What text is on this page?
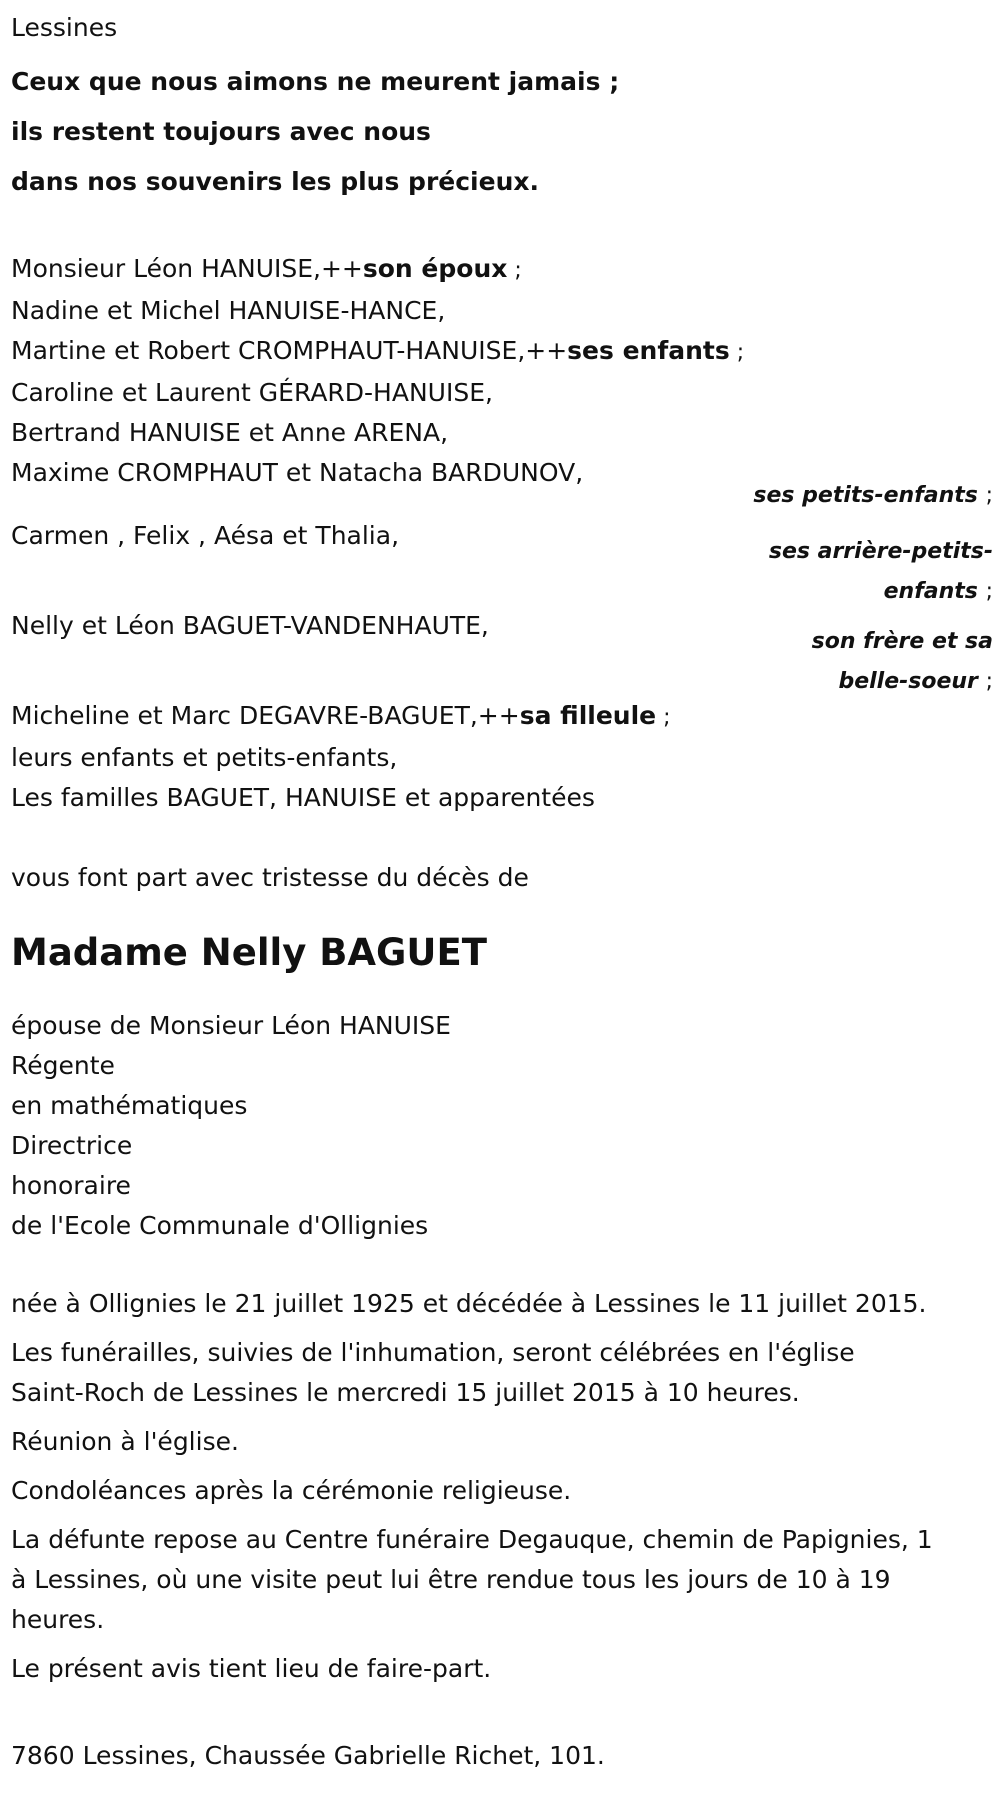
Lessines
Ceux que nous aimons ne meurent jamais ;
ils restent toujours avec nous
dans nos souvenirs les plus précieux.
Monsieur Léon HANUISE,++son époux ;
Nadine et Michel HANUISE-HANCE,
Martine et Robert CROMPHAUT-HANUISE,++ses enfants ;
Caroline et Laurent GÉRARD-HANUISE,
Bertrand HANUISE et Anne ARENA,
Maxime CROMPHAUT et Natacha BARDUNOV,
ses petits-enfants ;
Carmen , Felix , Aésa et Thalia,
ses arrière-petits-
enfants ;
Nelly et Léon BAGUET-VANDENHAUTE,
son frère et sa
belle-soeur ;
Micheline et Marc DEGAVRE-BAGUET,++sa filleule ;
leurs enfants et petits-enfants,
Les familles BAGUET, HANUISE et apparentées
vous font part avec tristesse du décès de
Madame Nelly BAGUET
épouse de Monsieur Léon HANUISE
Régente
en mathématiques
Directrice
honoraire
de l'Ecole Communale d'Ollignies
née à Ollignies le 21 juillet 1925 et décédée à Lessines le 11 juillet 2015.
Les funérailles, suivies de l'inhumation, seront célébrées en l'église
Saint-Roch de Lessines le mercredi 15 juillet 2015 à 10 heures.
Réunion à l'église.
Condoléances après la cérémonie religieuse.
La défunte repose au Centre funéraire Degauque, chemin de Papignies, 1
à Lessines, où une visite peut lui être rendue tous les jours de 10 à 19
heures.
Le présent avis tient lieu de faire-part.
7860 Lessines, Chaussée Gabrielle Richet, 101.
